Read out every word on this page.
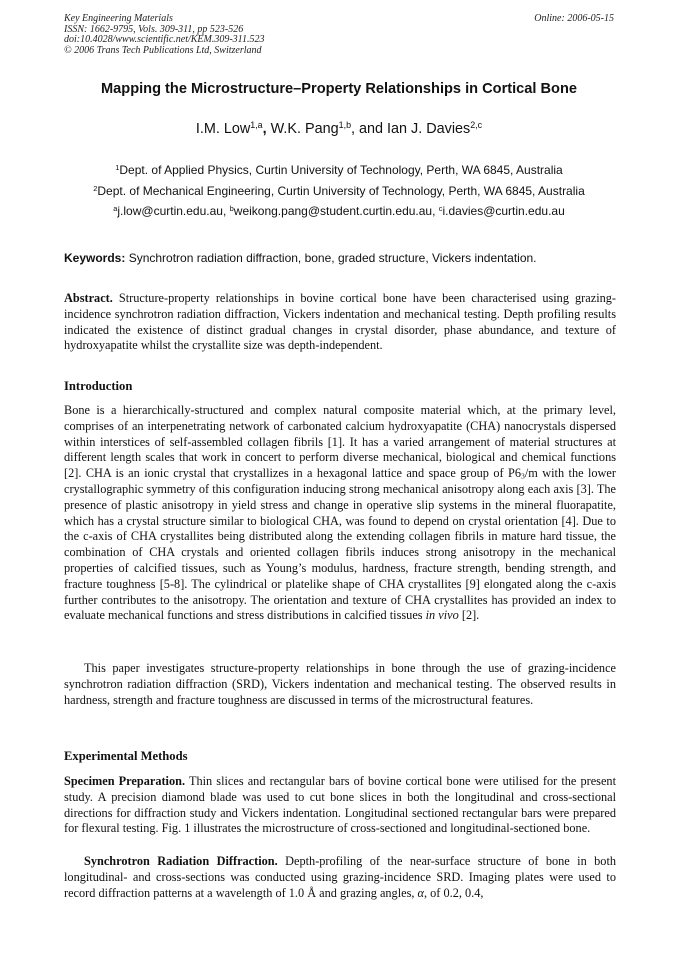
Key Engineering Materials
ISSN: 1662-9795, Vols. 309-311, pp 523-526
doi:10.4028/www.scientific.net/KEM.309-311.523
© 2006 Trans Tech Publications Ltd, Switzerland
Online: 2006-05-15
Mapping the Microstructure–Property Relationships in Cortical Bone
I.M. Low$^{1,a}$, W.K. Pang$^{1,b}$, and Ian J. Davies$^{2,c}$
$^1$Dept. of Applied Physics, Curtin University of Technology, Perth, WA 6845, Australia
$^2$Dept. of Mechanical Engineering, Curtin University of Technology, Perth, WA 6845, Australia
$^a$j.low@curtin.edu.au, $^b$weikong.pang@student.curtin.edu.au, $^c$i.davies@curtin.edu.au
Keywords: Synchrotron radiation diffraction, bone, graded structure, Vickers indentation.
Abstract. Structure-property relationships in bovine cortical bone have been characterised using grazing-incidence synchrotron radiation diffraction, Vickers indentation and mechanical testing. Depth profiling results indicated the existence of distinct gradual changes in crystal disorder, phase abundance, and texture of hydroxyapatite whilst the crystallite size was depth-independent.
Introduction
Bone is a hierarchically-structured and complex natural composite material which, at the primary level, comprises of an interpenetrating network of carbonated calcium hydroxyapatite (CHA) nanocrystals dispersed within interstices of self-assembled collagen fibrils [1]. It has a varied arrangement of material structures at different length scales that work in concert to perform diverse mechanical, biological and chemical functions [2]. CHA is an ionic crystal that crystallizes in a hexagonal lattice and space group of $P6_3/m$ with the lower crystallographic symmetry of this configuration inducing strong mechanical anisotropy along each axis [3]. The presence of plastic anisotropy in yield stress and change in operative slip systems in the mineral fluorapatite, which has a crystal structure similar to biological CHA, was found to depend on crystal orientation [4]. Due to the c-axis of CHA crystallites being distributed along the extending collagen fibrils in mature hard tissue, the combination of CHA crystals and oriented collagen fibrils induces strong anisotropy in the mechanical properties of calcified tissues, such as Young’s modulus, hardness, fracture strength, bending strength, and fracture toughness [5-8]. The cylindrical or platelike shape of CHA crystallites [9] elongated along the c-axis further contributes to the anisotropy. The orientation and texture of CHA crystallites has provided an index to evaluate mechanical functions and stress distributions in calcified tissues in vivo [2].
This paper investigates structure-property relationships in bone through the use of grazing-incidence synchrotron radiation diffraction (SRD), Vickers indentation and mechanical testing. The observed results in hardness, strength and fracture toughness are discussed in terms of the microstructural features.
Experimental Methods
Specimen Preparation. Thin slices and rectangular bars of bovine cortical bone were utilised for the present study. A precision diamond blade was used to cut bone slices in both the longitudinal and cross-sectional directions for diffraction study and Vickers indentation. Longitudinal sectioned rectangular bars were prepared for flexural testing. Fig. 1 illustrates the microstructure of cross-sectioned and longitudinal-sectioned bone.
Synchrotron Radiation Diffraction. Depth-profiling of the near-surface structure of bone in both longitudinal- and cross-sections was conducted using grazing-incidence SRD. Imaging plates were used to record diffraction patterns at a wavelength of 1.0 Å and grazing angles, α, of 0.2, 0.4,
